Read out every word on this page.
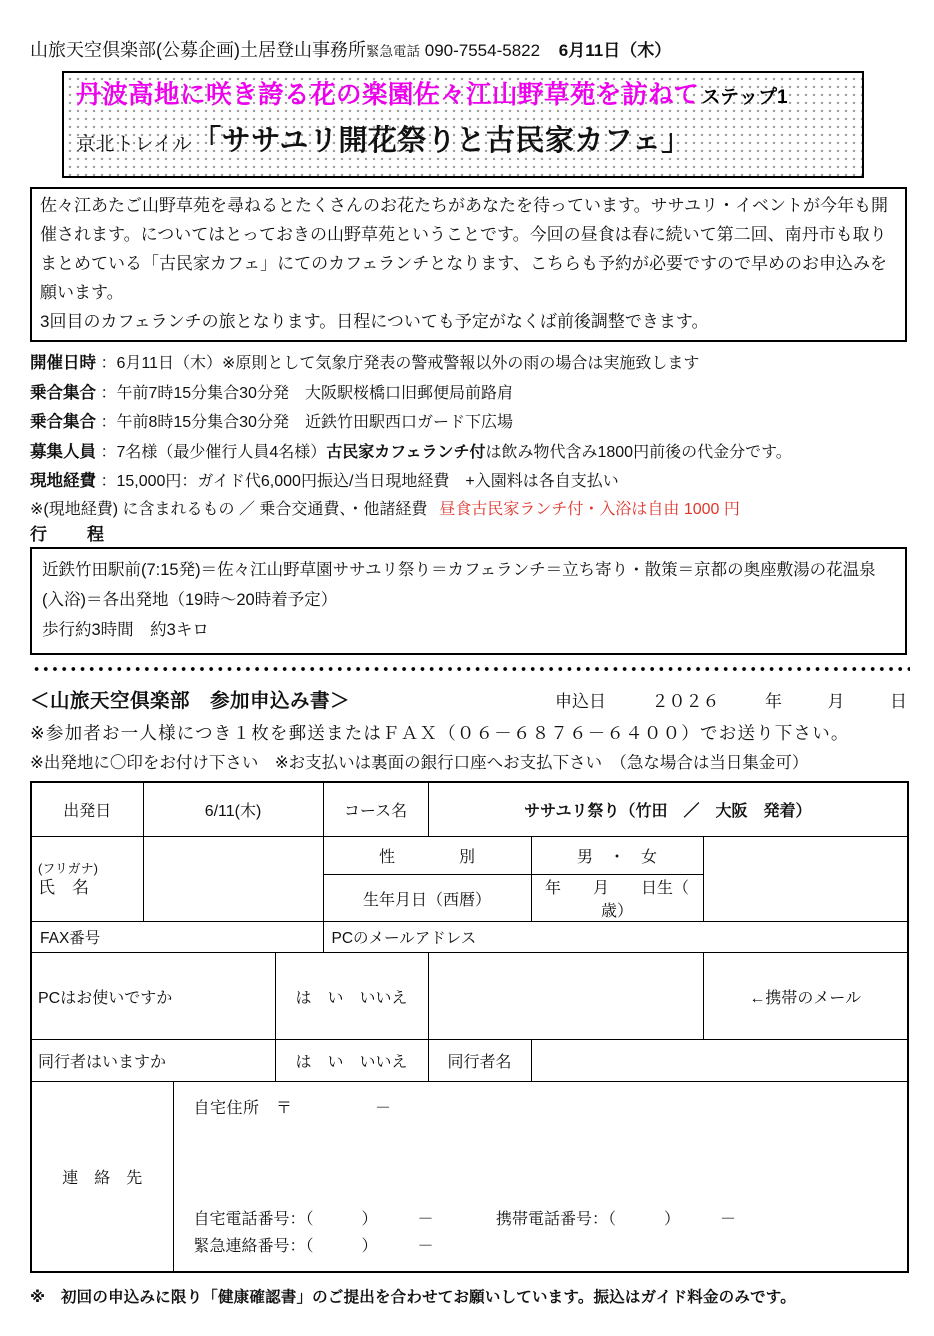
山旅天空倶楽部(公募企画)土居登山事務所緊急電話 090-7554-5822 6月11日（木）
丹波高地に咲き誇る花の楽園佐々江山野草苑を訪ねて ステップ1
京北トレイル「ササユリ開花祭りと古民家カフェ」
佐々江あたご山野草苑を尋ねるとたくさんのお花たちがあなたを待っています。ササユリ・イベントが今年も開催されます。についてはとっておきの山野草苑ということです。今回の昼食は春に続いて第二回、南丹市も取りまとめている「古民家カフェ」にてのカフェランチとなります、こちらも予約が必要ですので早めのお申込みを願います。
3回目のカフェランチの旅となります。日程についても予定がなくば前後調整できます。
開催日時 ：6月11日（木）※原則として気象庁発表の警戒警報以外の雨の場合は実施致します
乗合集合 ：午前7時15分集合30分発　大阪駅桜橋口旧郵便局前路肩
乗合集合 ：午前8時15分集合30分発　近鉄竹田駅西口ガード下広場
募集人員 ：7名様（最少催行人員4名様）古民家カフェランチ付は飲み物代含み1800円前後の代金分です。
現地経費 ：15,000円：ガイド代6,000円振込/当日現地経費　+入園料は各自支払い
※(現地経費) に含まれるもの ／ 乗合交通費、・他諸経費 昼食古民家ランチ付・入浴は自由 1000 円
行　　程
近鉄竹田駅前(7:15発)＝佐々江山野草園ササユリ祭り＝カフェランチ＝立ち寄り・散策＝京都の奥座敷湯の花温泉(入浴)＝各出発地（19時～20時着予定）
歩行約3時間　約3キロ
＜山旅天空倶楽部　参加申込み書＞	申込日	２０２６	年	月	日
※参加者お一人様につき１枚を郵送またはＦＡＸ（０６－６８７６－６４００）でお送り下さい。
※出発地に〇印をお付け下さい　※お支払いは裏面の銀行口座へお支払下さい　（急な場合は当日集金可）
出発日	6/11(木)			コース名	ササユリ祭り（竹田　／　大阪　発着）		

(フリガナ)
氏　名				性　　　　別		男　・　女	
				生年月日（西暦）		年　　月　　日生（　　　歳）	
FAX番号				PCのメールアドレス			
PCはお使いですか			は　い　いいえ				←携帯のメール
同行者はいますか			は　い　いいえ		同行者名		
連　絡　先		自宅住所　〒　　　　　－
自宅電話番号：（　　　）　　　－ 携帯電話番号：（　　　）　　　－
緊急連絡番号：（　　　）　　　－					
※　初回の申込みに限り「健康確認書」のご提出を合わせてお願いしています。振込はガイド料金のみです。
